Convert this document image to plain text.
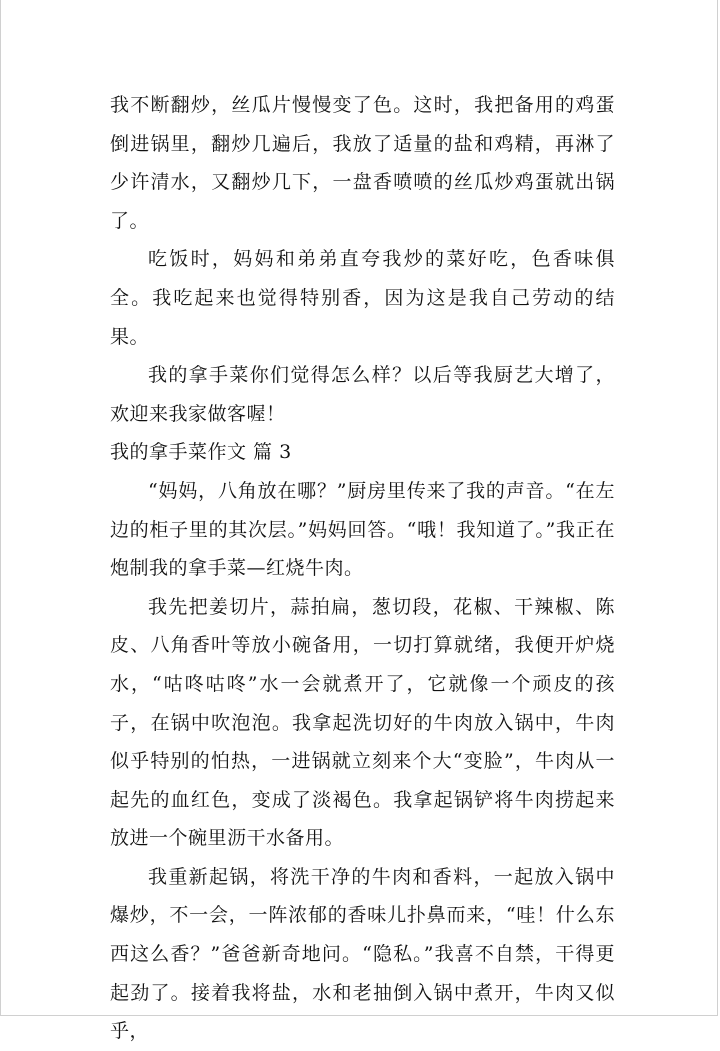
我不断翻炒，丝瓜片慢慢变了色。这时，我把备用的鸡蛋倒进锅里，翻炒几遍后，我放了适量的盐和鸡精，再淋了少许清水，又翻炒几下，一盘香喷喷的丝瓜炒鸡蛋就出锅了。

吃饭时，妈妈和弟弟直夸我炒的菜好吃，色香味俱全。我吃起来也觉得特别香，因为这是我自己劳动的结果。

我的拿手菜你们觉得怎么样？以后等我厨艺大增了，欢迎来我家做客喔！

我的拿手菜作文 篇 3

“妈妈，八角放在哪？”厨房里传来了我的声音。“在左边的柜子里的其次层。”妈妈回答。“哦！我知道了。”我正在炮制我的拿手菜—红烧牛肉。

我先把姜切片，蒜拍扁，葱切段，花椒、干辣椒、陈皮、八角香叶等放小碗备用，一切打算就绪，我便开炉烧水，“咕咚咕咚”水一会就煮开了，它就像一个顽皮的孩子，在锅中吹泡泡。我拿起洗切好的牛肉放入锅中，牛肉似乎特别的怕热，一进锅就立刻来个大“变脸”，牛肉从一起先的血红色，变成了淡褐色。我拿起锅铲将牛肉捞起来放进一个碗里沥干水备用。

我重新起锅，将洗干净的牛肉和香料，一起放入锅中爆炒，不一会，一阵浓郁的香味儿扑鼻而来，“哇！什么东西这么香？”爸爸新奇地问。“隐私。”我喜不自禁，干得更起劲了。接着我将盐，水和老抽倒入锅中煮开，牛肉又似乎，
